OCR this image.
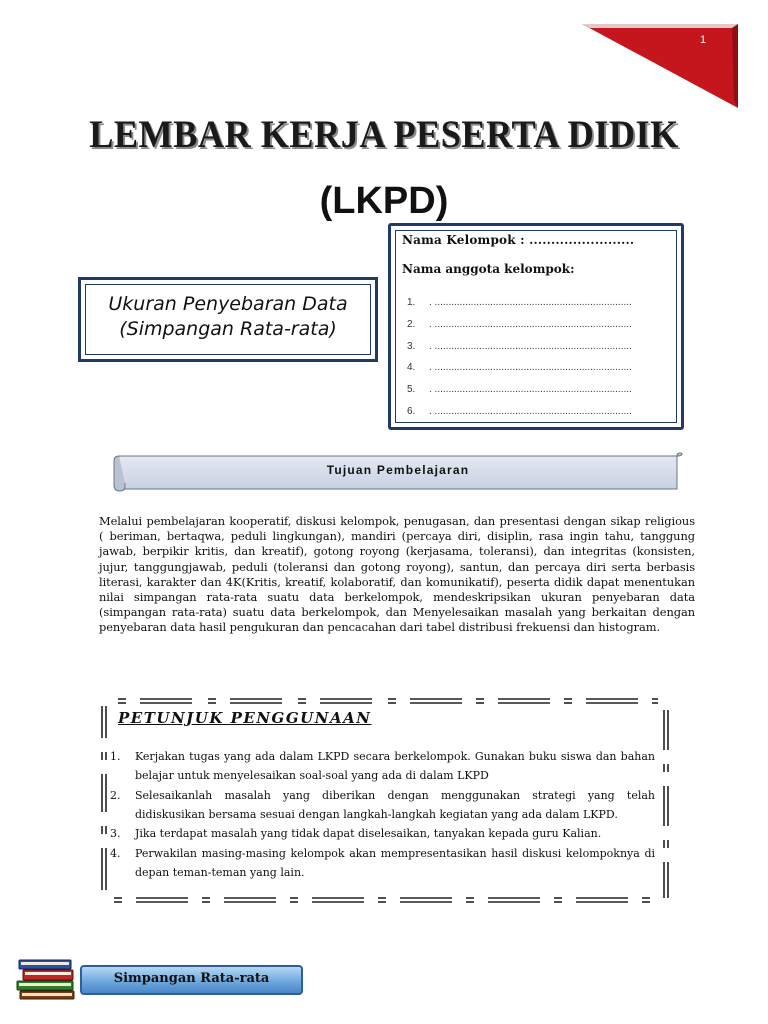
1
LEMBAR KERJA PESERTA DIDIK
(LKPD)
Ukuran Penyebaran Data
(Simpangan Rata-rata)
Nama Kelompok : ........................
Nama anggota kelompok:
1. . .......................................................................
2. . .......................................................................
3. . .......................................................................
4. . .......................................................................
5. . .......................................................................
6. . .......................................................................
Tujuan Pembelajaran
Melalui pembelajaran kooperatif, diskusi kelompok, penugasan, dan presentasi dengan sikap religious ( beriman, bertaqwa, peduli lingkungan), mandiri (percaya diri, disiplin, rasa ingin tahu, tanggung jawab, berpikir kritis, dan kreatif), gotong royong (kerjasama, toleransi), dan integritas (konsisten, jujur, tanggungjawab, peduli (toleransi dan gotong royong), santun, dan percaya diri serta berbasis literasi, karakter dan 4K(Kritis, kreatif, kolaboratif, dan komunikatif), peserta didik dapat menentukan nilai simpangan rata-rata suatu data berkelompok, mendeskripsikan ukuran penyebaran data (simpangan rata-rata) suatu data berkelompok, dan Menyelesaikan masalah yang berkaitan dengan penyebaran data hasil pengukuran dan pencacahan dari tabel distribusi frekuensi dan histogram.
PETUNJUK PENGGUNAAN
1. Kerjakan tugas yang ada dalam LKPD secara berkelompok. Gunakan buku siswa dan bahan belajar untuk menyelesaikan soal-soal yang ada di dalam LKPD
2. Selesaikanlah masalah yang diberikan dengan menggunakan strategi yang telah didiskusikan bersama sesuai dengan langkah-langkah kegiatan yang ada dalam LKPD.
3. Jika terdapat masalah yang tidak dapat diselesaikan, tanyakan kepada guru Kalian.
4. Perwakilan masing-masing kelompok akan mempresentasikan hasil diskusi kelompoknya di depan teman-teman yang lain.
Simpangan Rata-rata
